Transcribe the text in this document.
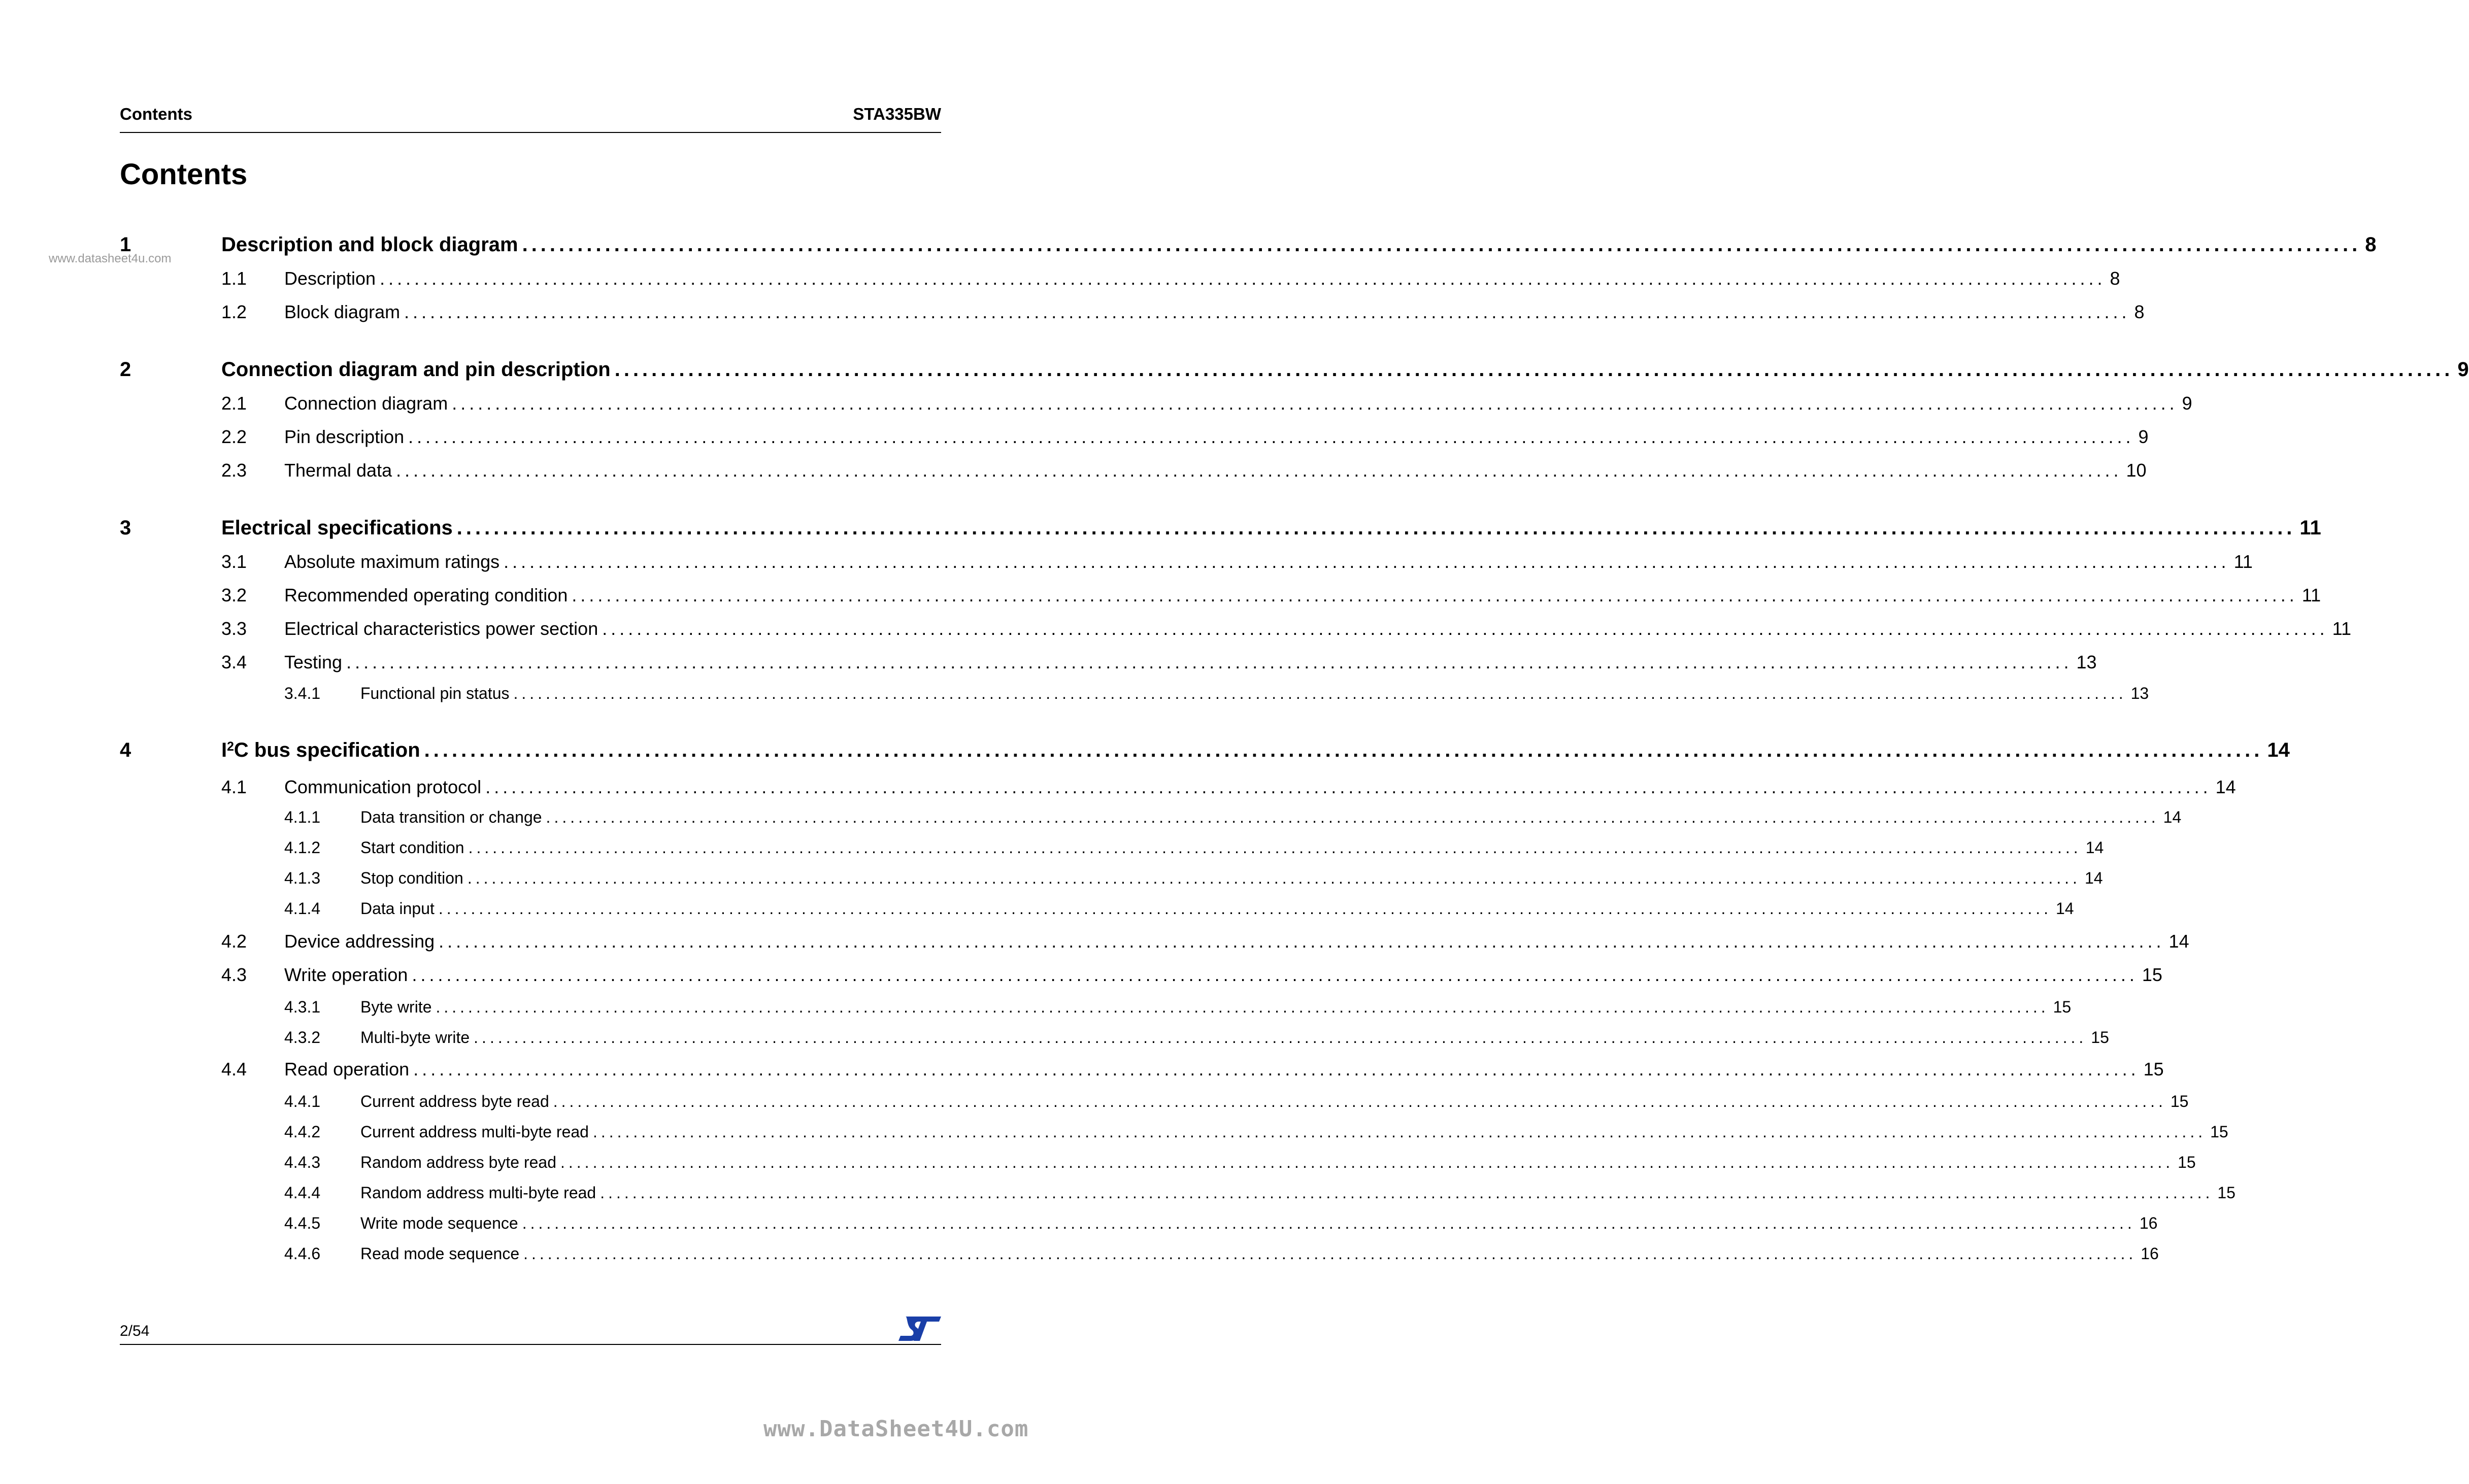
Contents	STA335BW
Contents
1	Description and block diagram ........................................................................................................................................................................................................ 8
1.1 Description ........................................................................................................................................................................................................ 8
1.2 Block diagram ........................................................................................................................................................................................................ 8
2	Connection diagram and pin description ........................................................................................................................................................................................................ 9
2.1 Connection diagram ........................................................................................................................................................................................................ 9
2.2 Pin description ........................................................................................................................................................................................................ 9
2.3 Thermal data ........................................................................................................................................................................................................ 10
3	Electrical specifications ........................................................................................................................................................................................................ 11
3.1 Absolute maximum ratings ........................................................................................................................................................................................................ 11
3.2 Recommended operating condition ........................................................................................................................................................................................................ 11
3.3 Electrical characteristics power section ........................................................................................................................................................................................................ 11
3.4 Testing ........................................................................................................................................................................................................ 13
3.4.1 Functional pin status ........................................................................................................................................................................................................ 13
4	$I^2C$ bus specification ........................................................................................................................................................................................................ 14
4.1 Communication protocol ........................................................................................................................................................................................................ 14
4.1.1 Data transition or change ........................................................................................................................................................................................................ 14
4.1.2 Start condition ........................................................................................................................................................................................................ 14
4.1.3 Stop condition ........................................................................................................................................................................................................ 14
4.1.4 Data input ........................................................................................................................................................................................................ 14
4.2 Device addressing ........................................................................................................................................................................................................ 14
4.3 Write operation ........................................................................................................................................................................................................ 15
4.3.1 Byte write ........................................................................................................................................................................................................ 15
4.3.2 Multi-byte write ........................................................................................................................................................................................................ 15
4.4 Read operation ........................................................................................................................................................................................................ 15
4.4.1 Current address byte read ........................................................................................................................................................................................................ 15
4.4.2 Current address multi-byte read ........................................................................................................................................................................................................ 15
4.4.3 Random address byte read ........................................................................................................................................................................................................ 15
4.4.4 Random address multi-byte read ........................................................................................................................................................................................................ 15
4.4.5 Write mode sequence ........................................................................................................................................................................................................ 16
4.4.6 Read mode sequence ........................................................................................................................................................................................................ 16
www.datasheet4u.com
2/54
www.DataSheet4U.com
